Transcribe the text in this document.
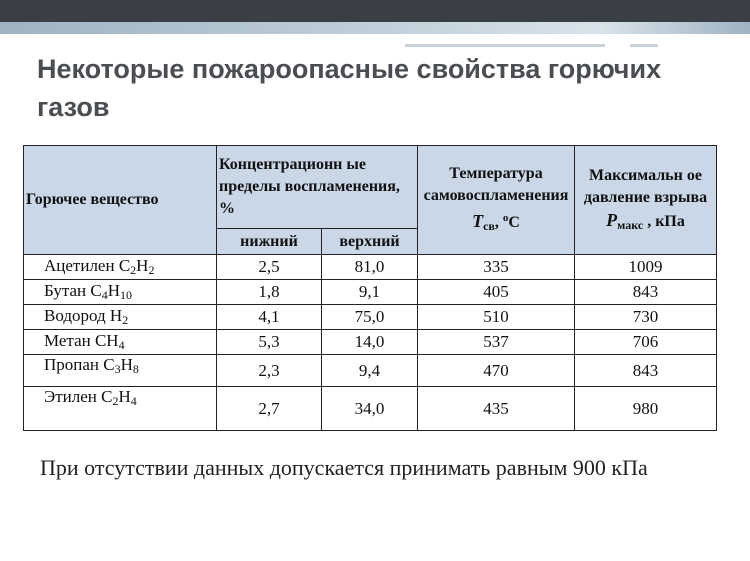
Некоторые пожароопасные свойства горючих газов
Горючее вещество	Концентрационн ые пределы воспламенения, %		Температура самовоспламенения $T_{св}$, $^o$C	Максимальн ое давление взрыва
$P_{макс}$ , кПа
	нижний	верхний		
Ацетилен $C_2H_2$	2,5	81,0	335	1009
Бутан $C_4H_{10}$	1,8	9,1	405	843
Водород $H_2$	4,1	75,0	510	730
Метан $CH_4$	5,3	14,0	537	706
Пропан $C_3H_8$	2,3	9,4	470	843
Этилен $C_2H_4$	2,7	34,0	435	980

При отсутствии данных допускается принимать равным 900 кПа
